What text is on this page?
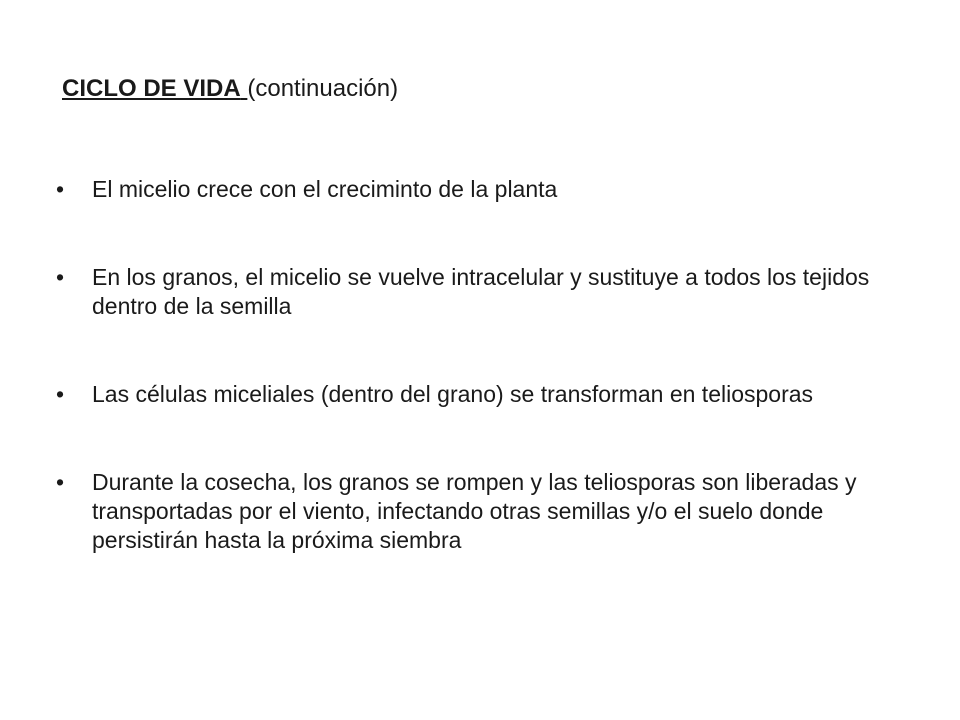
CICLO DE VIDA (continuación)
• El micelio crece con el creciminto de la planta
• En los granos, el micelio se vuelve intracelular y sustituye a todos los tejidos dentro de la semilla
• Las células miceliales (dentro del grano) se transforman en teliosporas
• Durante la cosecha, los granos se rompen y las teliosporas son liberadas y transportadas por el viento, infectando otras semillas y/o el suelo donde persistirán hasta la próxima siembra
